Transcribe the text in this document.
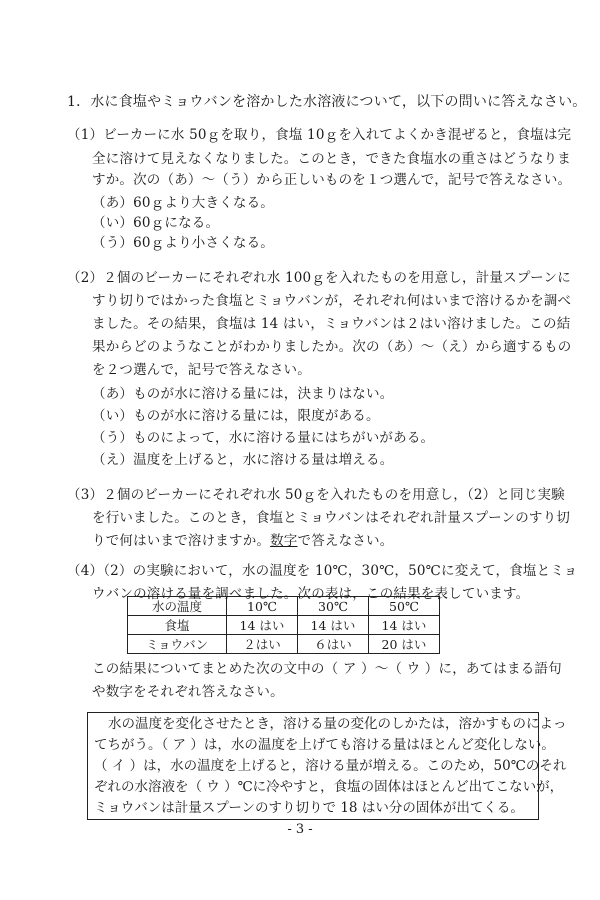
1．水に食塩やミョウバンを溶かした水溶液について，以下の問いに答えなさい。
（1）ビーカーに水 50ｇを取り，食塩 10ｇを入れてよくかき混ぜると，食塩は完
全に溶けて見えなくなりました。このとき，できた食塩水の重さはどうなりま
すか。次の（あ）～（う）から正しいものを１つ選んで，記号で答えなさい。
（あ）60ｇより大きくなる。
（い）60ｇになる。
（う）60ｇより小さくなる。
（2）２個のビーカーにそれぞれ水 100ｇを入れたものを用意し，計量スプーンに
すり切りではかった食塩とミョウバンが，それぞれ何はいまで溶けるかを調べ
ました。その結果，食塩は 14 はい，ミョウバンは２はい溶けました。この結
果からどのようなことがわかりましたか。次の（あ）～（え）から適するもの
を２つ選んで，記号で答えなさい。
（あ）ものが水に溶ける量には，決まりはない。
（い）ものが水に溶ける量には，限度がある。
（う）ものによって，水に溶ける量にはちがいがある。
（え）温度を上げると，水に溶ける量は増える。
（3）２個のビーカーにそれぞれ水 50ｇを入れたものを用意し，（2）と同じ実験
を行いました。このとき，食塩とミョウバンはそれぞれ計量スプーンのすり切
りで何はいまで溶けますか。数字で答えなさい。
（4）（2）の実験において，水の温度を 10℃，30℃，50℃に変えて，食塩とミョ
ウバンの溶ける量を調べました。次の表は，この結果を表しています。
水の温度	10℃	30℃	50℃
食塩	14 はい	14 はい	14 はい
ミョウバン	２はい	６はい	20 はい
この結果についてまとめた次の文中の（ ア ）～（ ウ ）に，あてはまる語句
や数字をそれぞれ答えなさい。
水の温度を変化させたとき，溶ける量の変化のしかたは，溶かすものによっ
てちがう。（ ア ）は，水の温度を上げても溶ける量はほとんど変化しない。
（ イ ）は，水の温度を上げると，溶ける量が増える。このため，50℃のそれ
ぞれの水溶液を（ ウ ）℃に冷やすと，食塩の固体はほとんど出てこないが，
ミョウバンは計量スプーンのすり切りで 18 はい分の固体が出てくる。
- 3 -
